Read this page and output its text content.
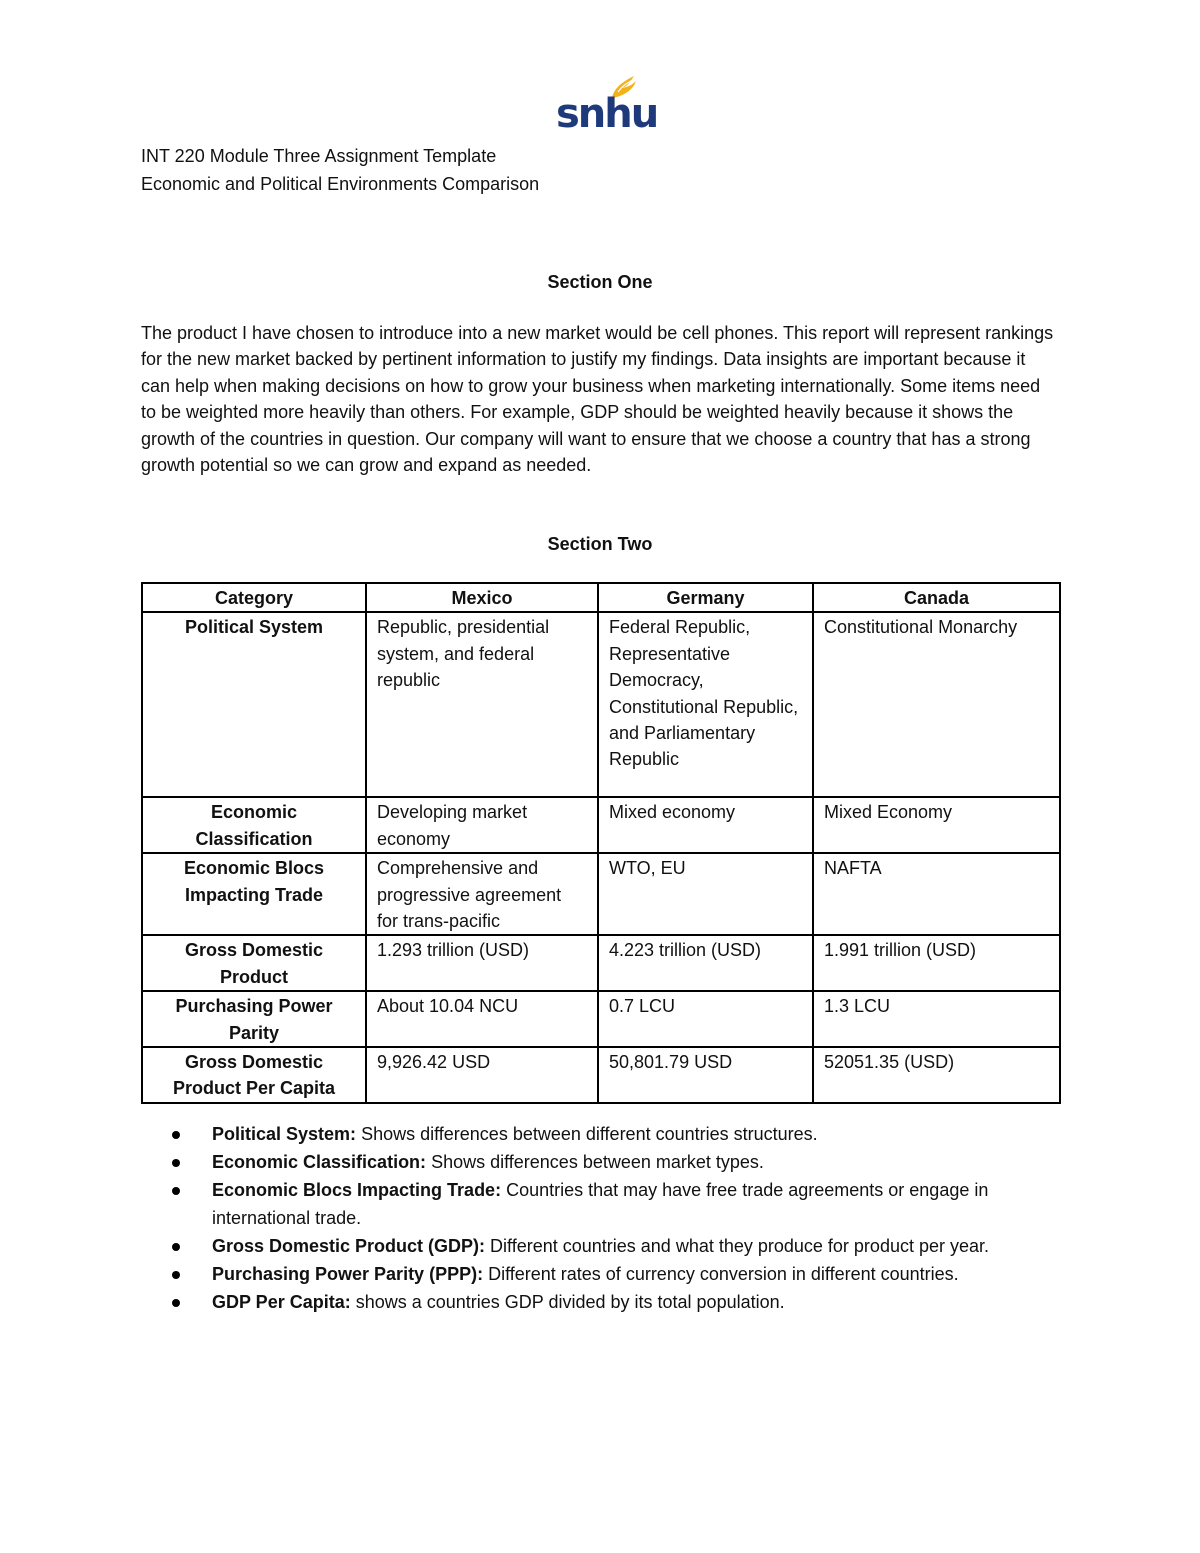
snhu
INT 220 Module Three Assignment Template
Economic and Political Environments Comparison
Section One

The product I have chosen to introduce into a new market would be cell phones. This report will represent rankings for the new market backed by pertinent information to justify my findings. Data insights are important because it can help when making decisions on how to grow your business when marketing internationally. Some items need to be weighted more heavily than others. For example, GDP should be weighted heavily because it shows the growth of the countries in question. Our company will want to ensure that we choose a country that has a strong growth potential so we can grow and expand as needed.

Section Two
Category	Mexico	Germany	Canada
Political System	Republic, presidential system, and federal republic	Federal Republic, Representative Democracy, Constitutional Republic, and Parliamentary Republic	Constitutional Monarchy
Economic Classification	Developing market economy	Mixed economy	Mixed Economy
Economic Blocs Impacting Trade	Comprehensive and progressive agreement for trans-pacific	WTO, EU	NAFTA
Gross Domestic Product	1.293 trillion (USD)	4.223 trillion (USD)	1.991 trillion (USD)
Purchasing Power Parity	About 10.04 NCU	0.7 LCU	1.3 LCU
Gross Domestic Product Per Capita	9,926.42 USD	50,801.79 USD	52051.35 (USD)
Political System: Shows differences between different countries structures.
Economic Classification: Shows differences between market types.
Economic Blocs Impacting Trade: Countries that may have free trade agreements or engage in international trade.
Gross Domestic Product (GDP): Different countries and what they produce for product per year.
Purchasing Power Parity (PPP): Different rates of currency conversion in different countries.
GDP Per Capita: shows a countries GDP divided by its total population.
